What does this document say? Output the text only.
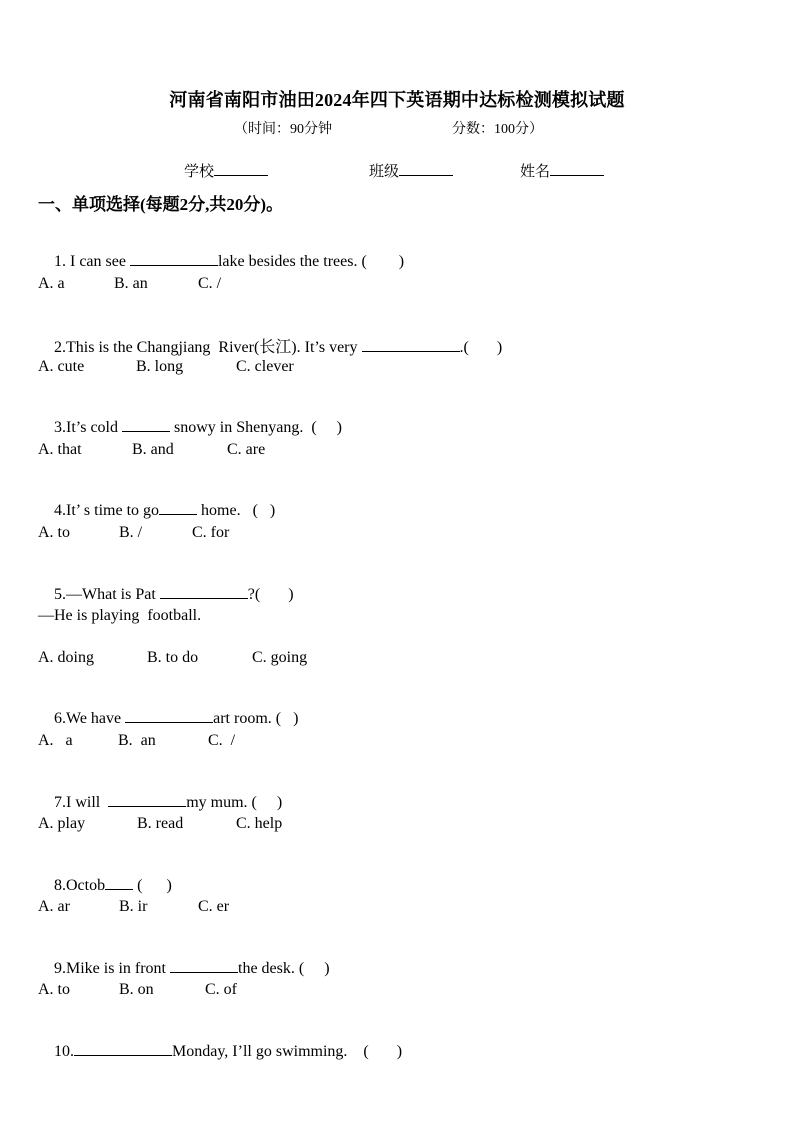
河南省南阳市油田2024年四下英语期中达标检测模拟试题
（时间：90分钟	分数：100分）
学校	班级	姓名
一、单项选择(每题2分,共20分)。

1. I can see	lake besides the trees. (        )

A. a	B. an	C. /

2.This is the Changjiang  River(长江). It’s very	.(       )

A. cute	B. long	C. clever

3.It’s cold	snowy in Shenyang.  (     )

A. that	B. and	C. are

4.It’ s time to go home.   (   )

A. to	B. /	C. for

5.—What is Pat	?(       )

—He is playing  football.
A. doing	B. to do	C. going

6.We have	art room. (   )

A.   a	B.  an	C.  /

7.I will	my mum. (     )

A. play	B. read	C. help

8.Octob (      )

A. ar	B. ir	C. er

9.Mike is in front	the desk. (     )

A. to	B. on	C. of

10.	Monday, I’ll go swimming.    (       )
